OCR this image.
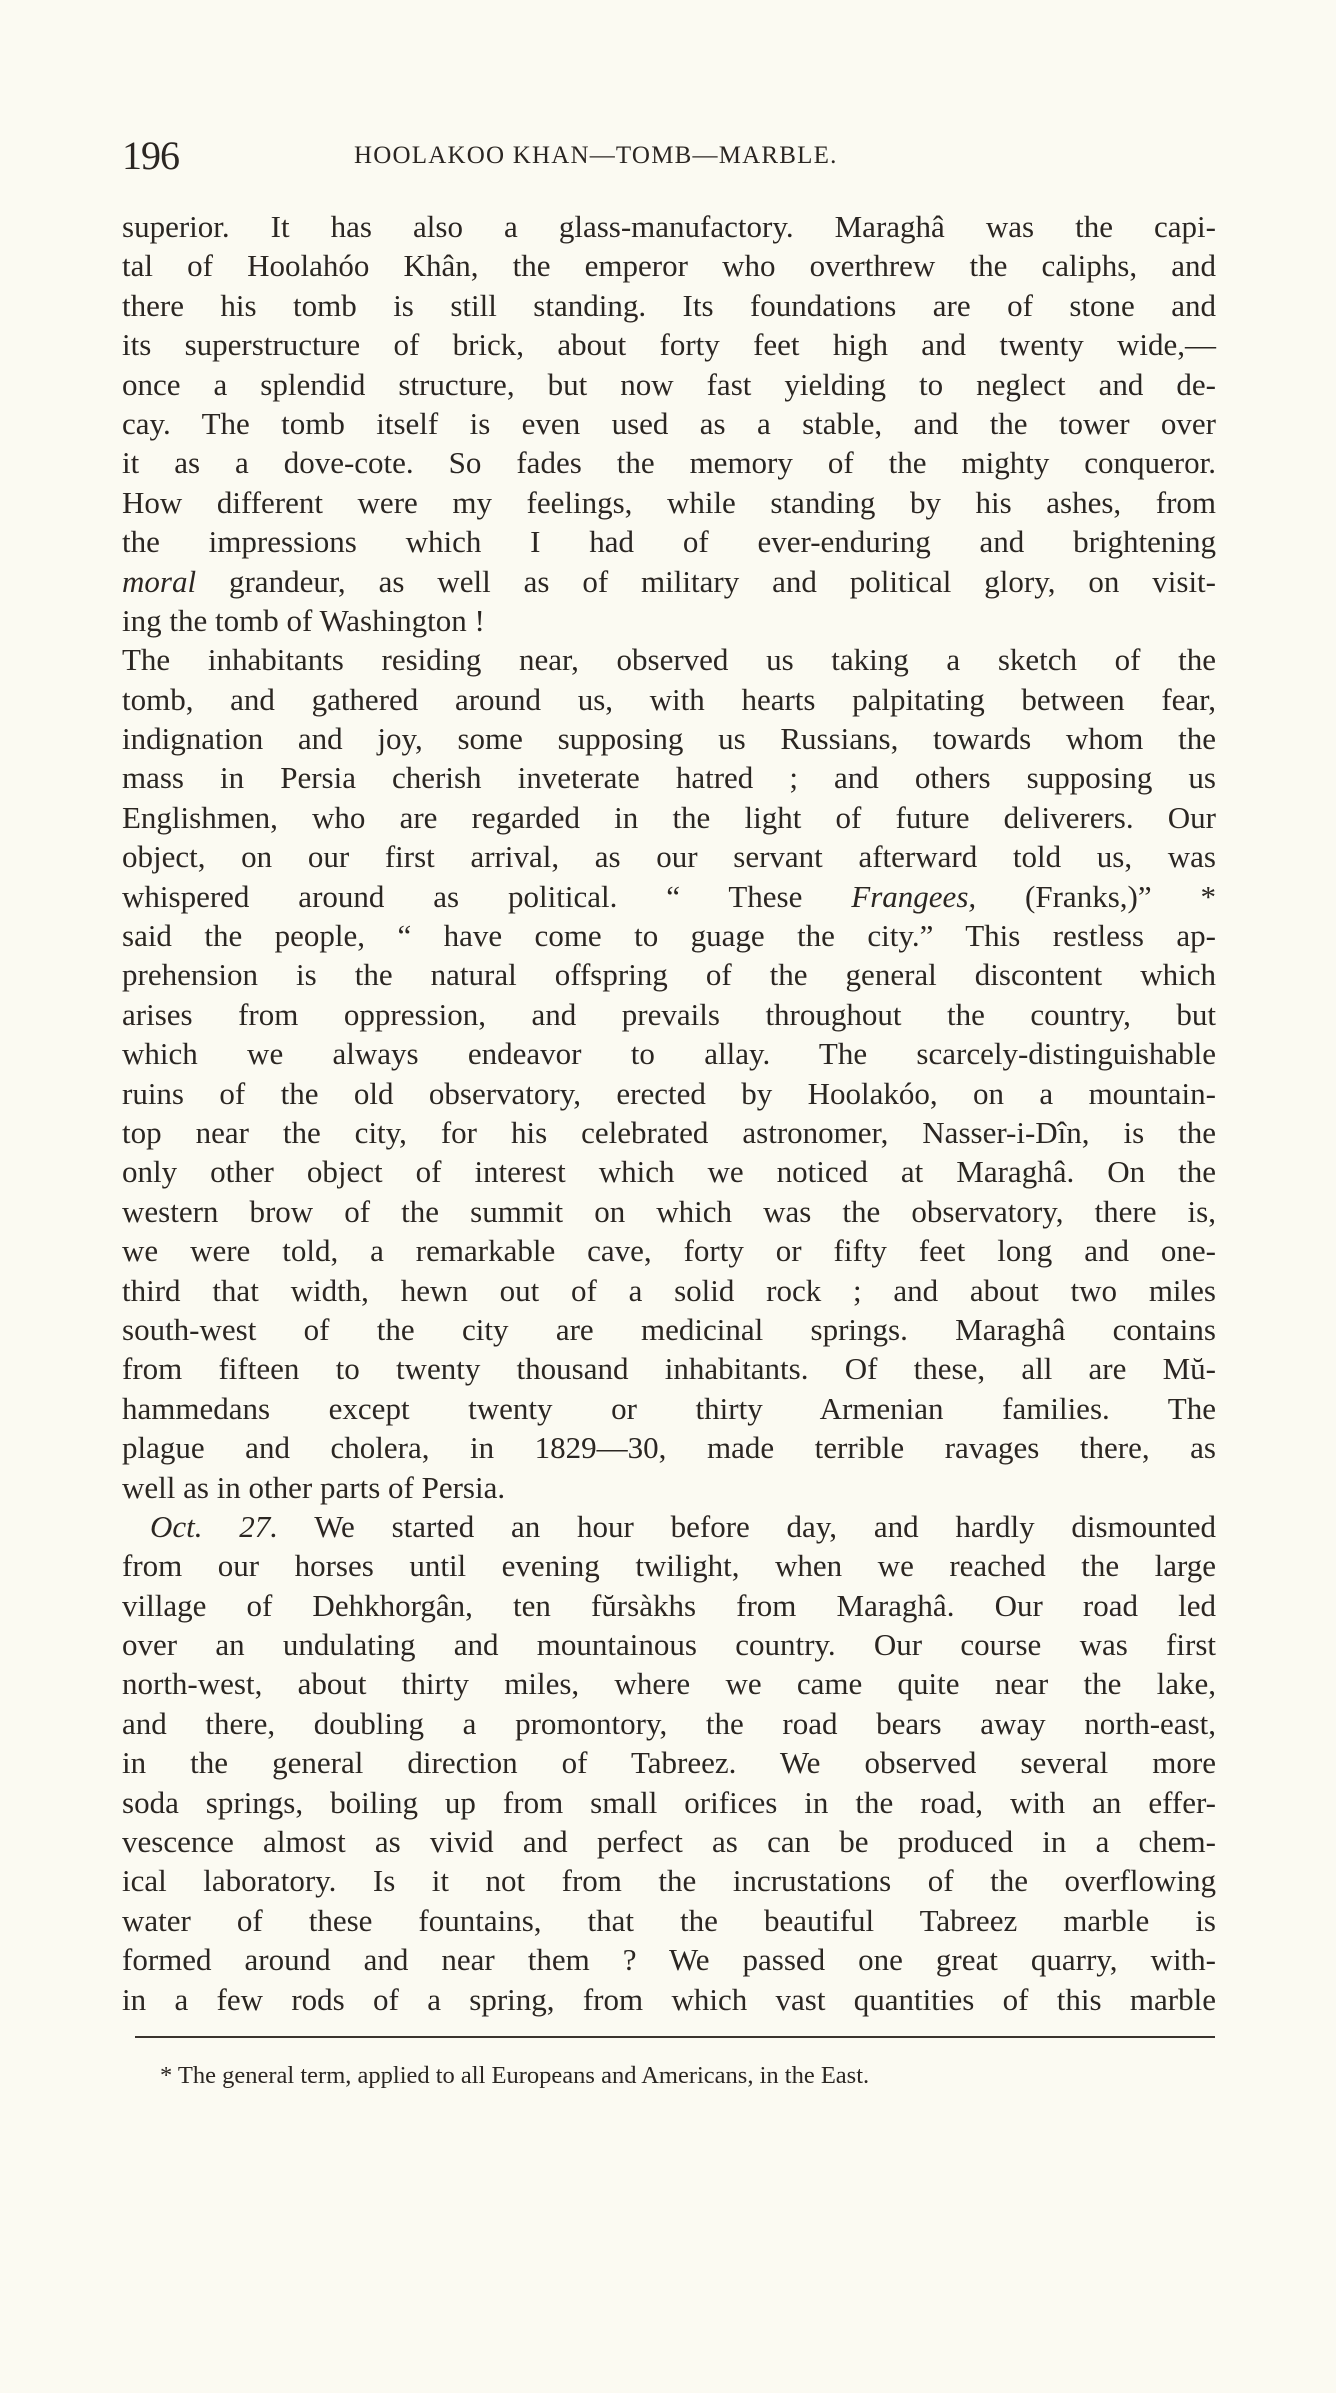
196	HOOLAKOO KHAN—TOMB—MARBLE.
superior. It has also a glass-manufactory. Maraghâ was the capi-
tal of Hoolahóo Khân, the emperor who overthrew the caliphs, and
there his tomb is still standing. Its foundations are of stone and
its superstructure of brick, about forty feet high and twenty wide,—
once a splendid structure, but now fast yielding to neglect and de-
cay. The tomb itself is even used as a stable, and the tower over
it as a dove-cote. So fades the memory of the mighty conqueror.
How different were my feelings, while standing by his ashes, from
the impressions which I had of ever-enduring and brightening
moral grandeur, as well as of military and political glory, on visit-
ing the tomb of Washington !
The inhabitants residing near, observed us taking a sketch of the
tomb, and gathered around us, with hearts palpitating between fear,
indignation and joy, some supposing us Russians, towards whom the
mass in Persia cherish inveterate hatred ; and others supposing us
Englishmen, who are regarded in the light of future deliverers. Our
object, on our first arrival, as our servant afterward told us, was
whispered around as political. “ These Frangees, (Franks,)” *
said the people, “ have come to guage the city.” This restless ap-
prehension is the natural offspring of the general discontent which
arises from oppression, and prevails throughout the country, but
which we always endeavor to allay. The scarcely-distinguishable
ruins of the old observatory, erected by Hoolakóo, on a mountain-
top near the city, for his celebrated astronomer, Nasser-i-Dîn, is the
only other object of interest which we noticed at Maraghâ. On the
western brow of the summit on which was the observatory, there is,
we were told, a remarkable cave, forty or fifty feet long and one-
third that width, hewn out of a solid rock ; and about two miles
south-west of the city are medicinal springs. Maraghâ contains
from fifteen to twenty thousand inhabitants. Of these, all are Mŭ-
hammedans except twenty or thirty Armenian families. The
plague and cholera, in 1829—30, made terrible ravages there, as
well as in other parts of Persia.
Oct. 27. We started an hour before day, and hardly dismounted
from our horses until evening twilight, when we reached the large
village of Dehkhorgân, ten fŭrsàkhs from Maraghâ. Our road led
over an undulating and mountainous country. Our course was first
north-west, about thirty miles, where we came quite near the lake,
and there, doubling a promontory, the road bears away north-east,
in the general direction of Tabreez. We observed several more
soda springs, boiling up from small orifices in the road, with an effer-
vescence almost as vivid and perfect as can be produced in a chem-
ical laboratory. Is it not from the incrustations of the overflowing
water of these fountains, that the beautiful Tabreez marble is
formed around and near them ? We passed one great quarry, with-
in a few rods of a spring, from which vast quantities of this marble
* The general term, applied to all Europeans and Americans, in the East.
